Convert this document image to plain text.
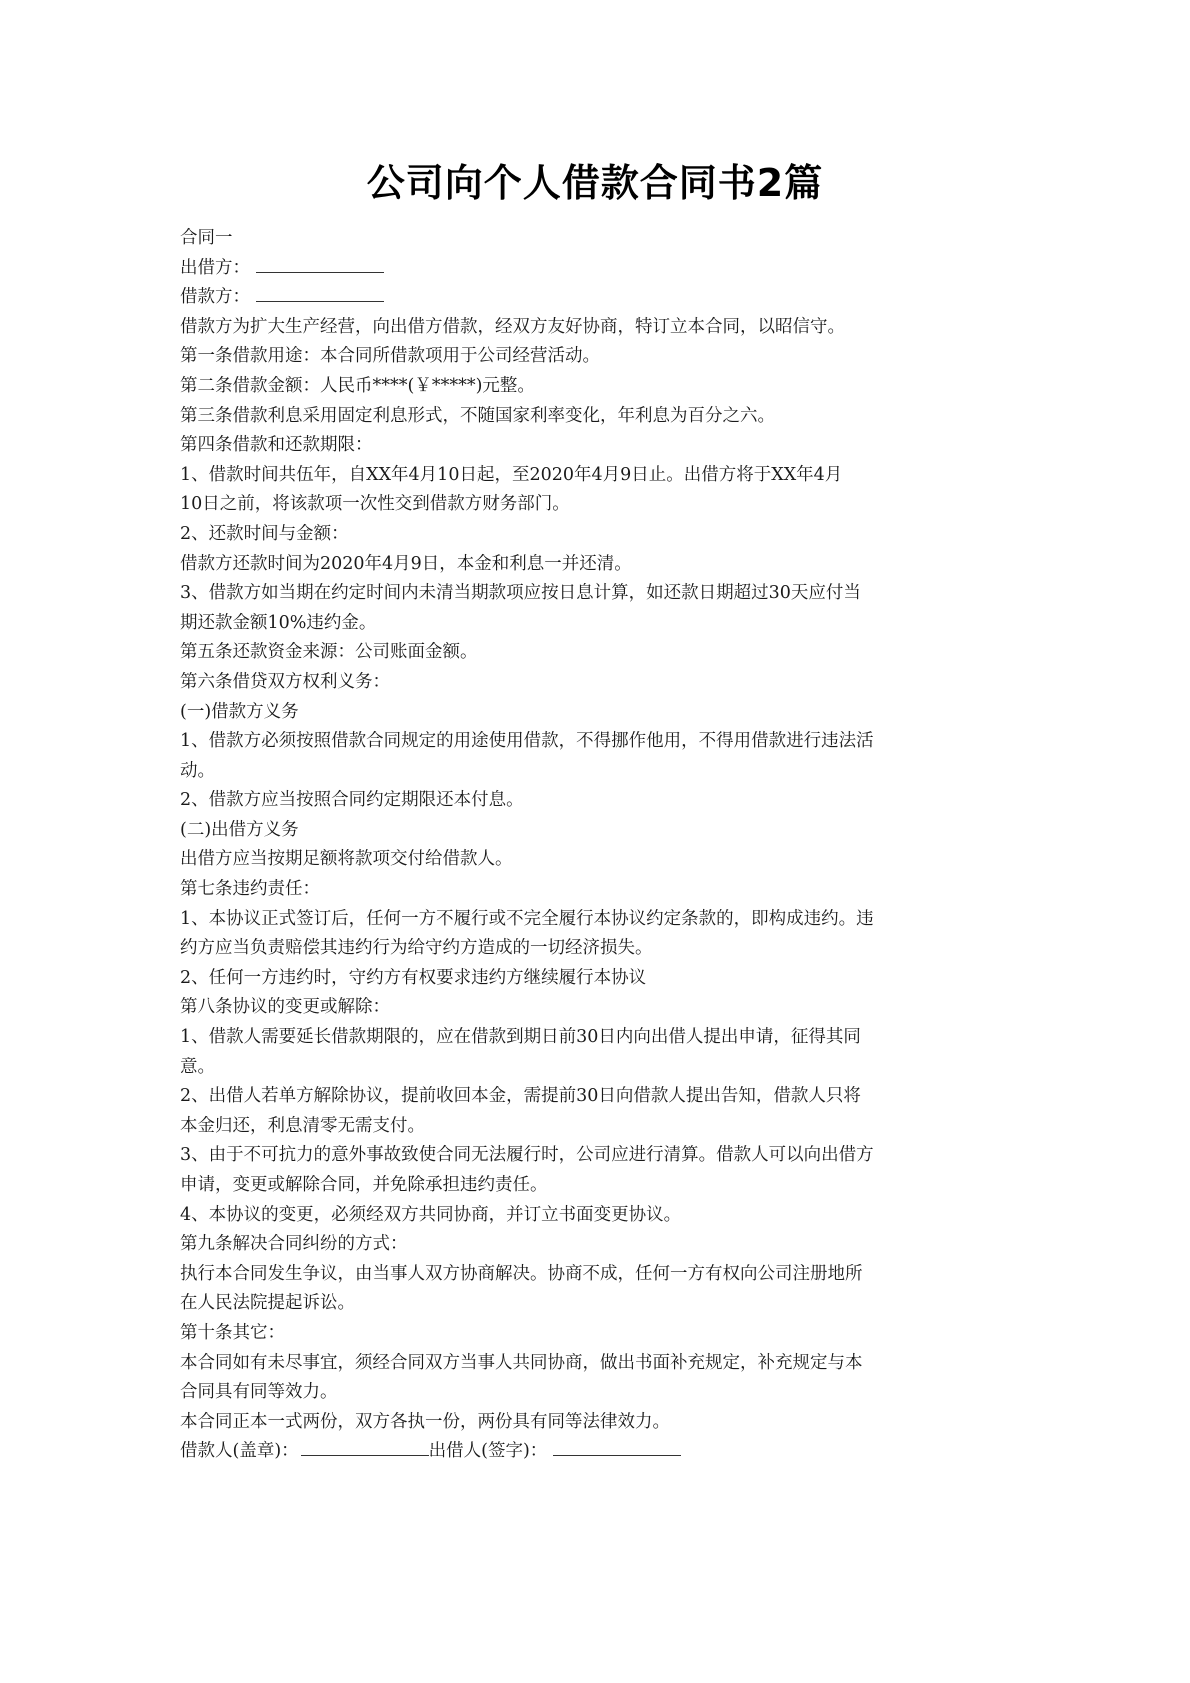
公司向个人借款合同书2篇
合同一
出借方：
借款方：
借款方为扩大生产经营，向出借方借款，经双方友好协商，特订立本合同，以昭信守。
第一条借款用途：本合同所借款项用于公司经营活动。
第二条借款金额：人民币****(￥*****)元整。
第三条借款利息采用固定利息形式，不随国家利率变化，年利息为百分之六。
第四条借款和还款期限：
1、借款时间共伍年，自XX年4月10日起，至2020年4月9日止。出借方将于XX年4月
10日之前，将该款项一次性交到借款方财务部门。
2、还款时间与金额：
借款方还款时间为2020年4月9日，本金和利息一并还清。
3、借款方如当期在约定时间内未清当期款项应按日息计算，如还款日期超过30天应付当
期还款金额10%违约金。
第五条还款资金来源：公司账面金额。
第六条借贷双方权利义务：
(一)借款方义务
1、借款方必须按照借款合同规定的用途使用借款，不得挪作他用，不得用借款进行违法活
动。
2、借款方应当按照合同约定期限还本付息。
(二)出借方义务
出借方应当按期足额将款项交付给借款人。
第七条违约责任：
1、本协议正式签订后，任何一方不履行或不完全履行本协议约定条款的，即构成违约。违
约方应当负责赔偿其违约行为给守约方造成的一切经济损失。
2、任何一方违约时，守约方有权要求违约方继续履行本协议
第八条协议的变更或解除：
1、借款人需要延长借款期限的，应在借款到期日前30日内向出借人提出申请，征得其同
意。
2、出借人若单方解除协议，提前收回本金，需提前30日向借款人提出告知，借款人只将
本金归还，利息清零无需支付。
3、由于不可抗力的意外事故致使合同无法履行时，公司应进行清算。借款人可以向出借方
申请，变更或解除合同，并免除承担违约责任。
4、本协议的变更，必须经双方共同协商，并订立书面变更协议。
第九条解决合同纠纷的方式：
执行本合同发生争议，由当事人双方协商解决。协商不成，任何一方有权向公司注册地所
在人民法院提起诉讼。
第十条其它：
本合同如有未尽事宜，须经合同双方当事人共同协商，做出书面补充规定，补充规定与本
合同具有同等效力。
本合同正本一式两份，双方各执一份，两份具有同等法律效力。
借款人(盖章)：	出借人(签字)：
